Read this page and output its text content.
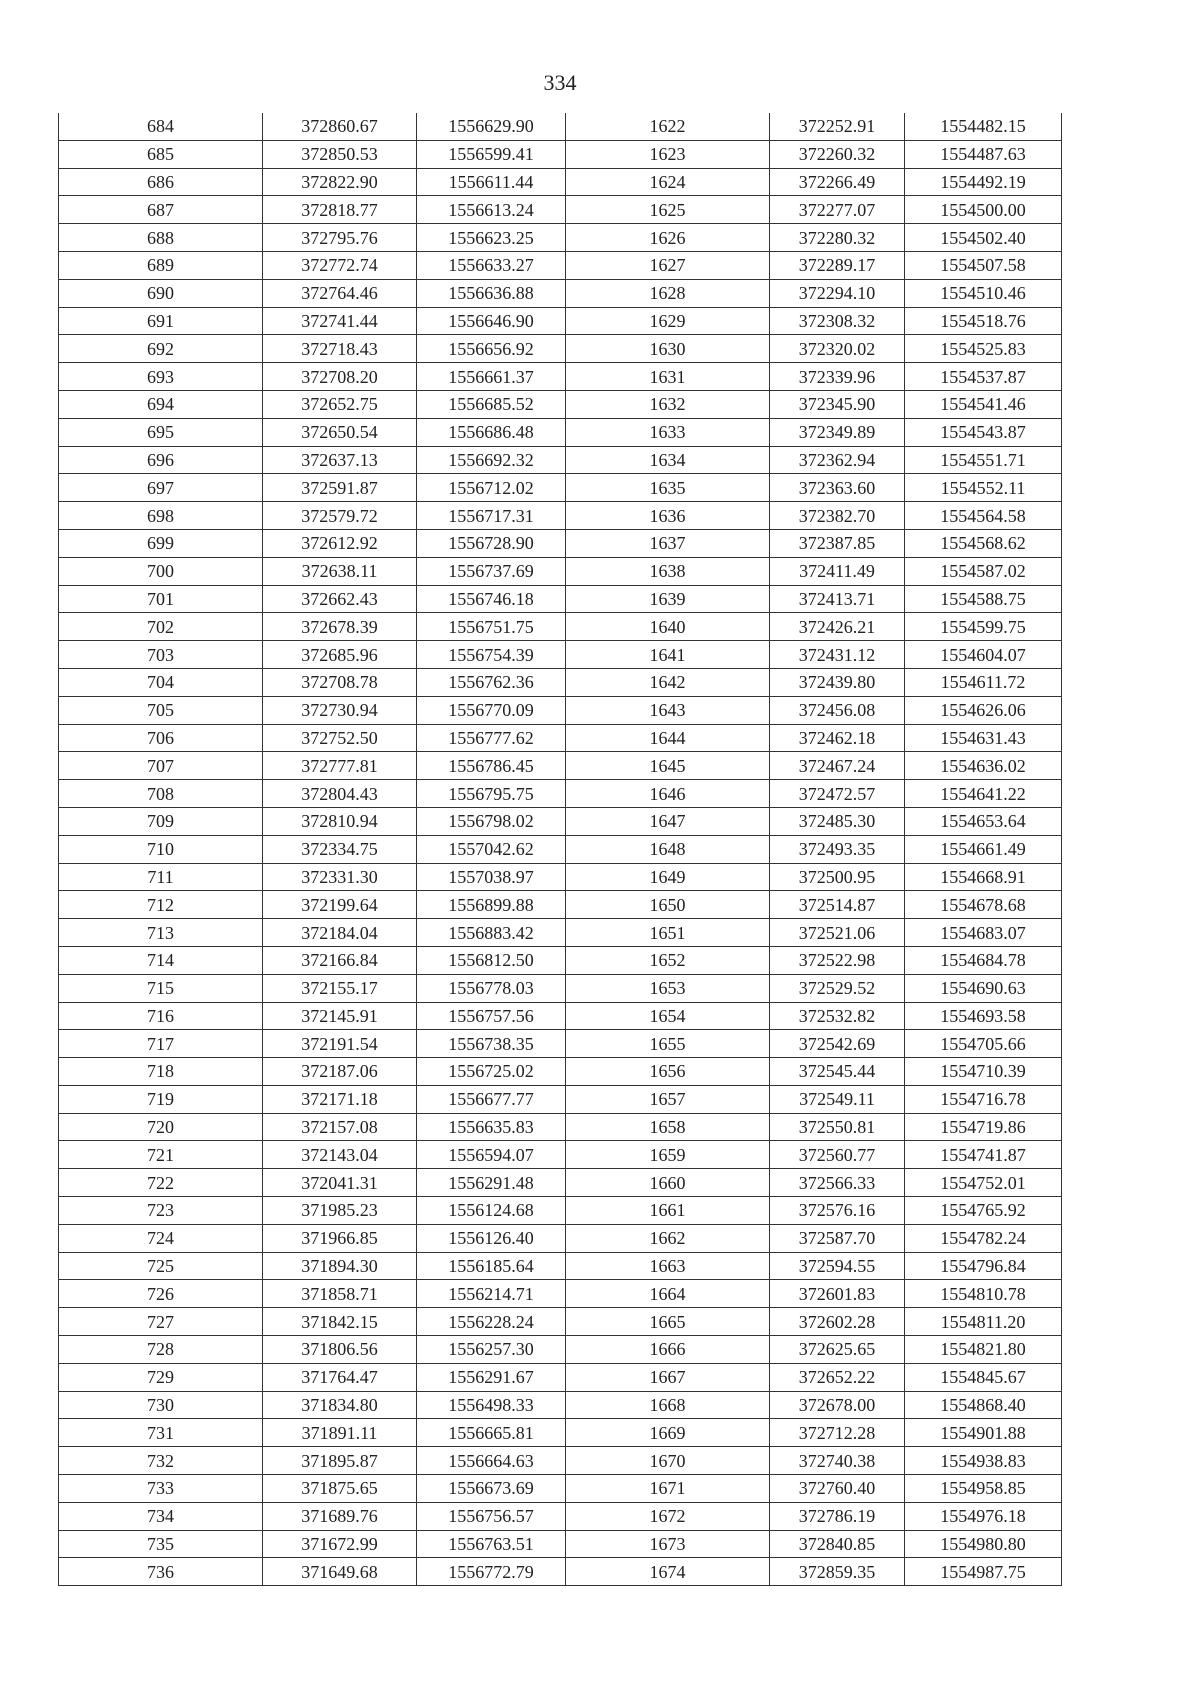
334
684	372860.67	1556629.90	1622	372252.91	1554482.15
685	372850.53	1556599.41	1623	372260.32	1554487.63
686	372822.90	1556611.44	1624	372266.49	1554492.19
687	372818.77	1556613.24	1625	372277.07	1554500.00
688	372795.76	1556623.25	1626	372280.32	1554502.40
689	372772.74	1556633.27	1627	372289.17	1554507.58
690	372764.46	1556636.88	1628	372294.10	1554510.46
691	372741.44	1556646.90	1629	372308.32	1554518.76
692	372718.43	1556656.92	1630	372320.02	1554525.83
693	372708.20	1556661.37	1631	372339.96	1554537.87
694	372652.75	1556685.52	1632	372345.90	1554541.46
695	372650.54	1556686.48	1633	372349.89	1554543.87
696	372637.13	1556692.32	1634	372362.94	1554551.71
697	372591.87	1556712.02	1635	372363.60	1554552.11
698	372579.72	1556717.31	1636	372382.70	1554564.58
699	372612.92	1556728.90	1637	372387.85	1554568.62
700	372638.11	1556737.69	1638	372411.49	1554587.02
701	372662.43	1556746.18	1639	372413.71	1554588.75
702	372678.39	1556751.75	1640	372426.21	1554599.75
703	372685.96	1556754.39	1641	372431.12	1554604.07
704	372708.78	1556762.36	1642	372439.80	1554611.72
705	372730.94	1556770.09	1643	372456.08	1554626.06
706	372752.50	1556777.62	1644	372462.18	1554631.43
707	372777.81	1556786.45	1645	372467.24	1554636.02
708	372804.43	1556795.75	1646	372472.57	1554641.22
709	372810.94	1556798.02	1647	372485.30	1554653.64
710	372334.75	1557042.62	1648	372493.35	1554661.49
711	372331.30	1557038.97	1649	372500.95	1554668.91
712	372199.64	1556899.88	1650	372514.87	1554678.68
713	372184.04	1556883.42	1651	372521.06	1554683.07
714	372166.84	1556812.50	1652	372522.98	1554684.78
715	372155.17	1556778.03	1653	372529.52	1554690.63
716	372145.91	1556757.56	1654	372532.82	1554693.58
717	372191.54	1556738.35	1655	372542.69	1554705.66
718	372187.06	1556725.02	1656	372545.44	1554710.39
719	372171.18	1556677.77	1657	372549.11	1554716.78
720	372157.08	1556635.83	1658	372550.81	1554719.86
721	372143.04	1556594.07	1659	372560.77	1554741.87
722	372041.31	1556291.48	1660	372566.33	1554752.01
723	371985.23	1556124.68	1661	372576.16	1554765.92
724	371966.85	1556126.40	1662	372587.70	1554782.24
725	371894.30	1556185.64	1663	372594.55	1554796.84
726	371858.71	1556214.71	1664	372601.83	1554810.78
727	371842.15	1556228.24	1665	372602.28	1554811.20
728	371806.56	1556257.30	1666	372625.65	1554821.80
729	371764.47	1556291.67	1667	372652.22	1554845.67
730	371834.80	1556498.33	1668	372678.00	1554868.40
731	371891.11	1556665.81	1669	372712.28	1554901.88
732	371895.87	1556664.63	1670	372740.38	1554938.83
733	371875.65	1556673.69	1671	372760.40	1554958.85
734	371689.76	1556756.57	1672	372786.19	1554976.18
735	371672.99	1556763.51	1673	372840.85	1554980.80
736	371649.68	1556772.79	1674	372859.35	1554987.75
